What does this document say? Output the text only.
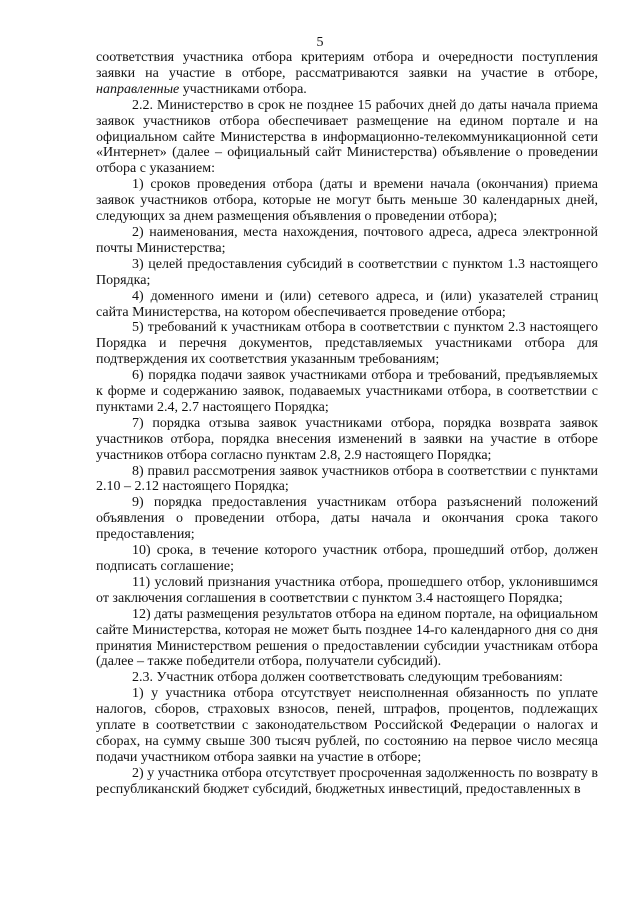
5

соответствия участника отбора критериям отбора и очередности поступления заявки на участие в отборе, рассматриваются заявки на участие в отборе, направленные участниками отбора.

2.2. Министерство в срок не позднее 15 рабочих дней до даты начала приема заявок участников отбора обеспечивает размещение на едином портале и на официальном сайте Министерства в информационно-телекоммуникационной сети «Интернет» (далее – официальный сайт Министерства) объявление о проведении отбора с указанием:

1) сроков проведения отбора (даты и времени начала (окончания) приема заявок участников отбора, которые не могут быть меньше 30 календарных дней, следующих за днем размещения объявления о проведении отбора);

2) наименования, места нахождения, почтового адреса, адреса электронной почты Министерства;

3) целей предоставления субсидий в соответствии с пунктом 1.3 настоящего Порядка;

4) доменного имени и (или) сетевого адреса, и (или) указателей страниц сайта Министерства, на котором обеспечивается проведение отбора;

5) требований к участникам отбора в соответствии с пунктом 2.3 настоящего Порядка и перечня документов, представляемых участниками отбора для подтверждения их соответствия указанным требованиям;

6) порядка подачи заявок участниками отбора и требований, предъявляемых к форме и содержанию заявок, подаваемых участниками отбора, в соответствии с пунктами 2.4, 2.7 настоящего Порядка;

7) порядка отзыва заявок участниками отбора, порядка возврата заявок участников отбора, порядка внесения изменений в заявки на участие в отборе участников отбора согласно пунктам 2.8, 2.9 настоящего Порядка;

8) правил рассмотрения заявок участников отбора в соответствии с пунктами 2.10 – 2.12 настоящего Порядка;

9) порядка предоставления участникам отбора разъяснений положений объявления о проведении отбора, даты начала и окончания срока такого предоставления;

10) срока, в течение которого участник отбора, прошедший отбор, должен подписать соглашение;

11) условий признания участника отбора, прошедшего отбор, уклонившимся от заключения соглашения в соответствии с пунктом 3.4 настоящего Порядка;

12) даты размещения результатов отбора на едином портале, на официальном сайте Министерства, которая не может быть позднее 14-го календарного дня со дня принятия Министерством решения о предоставлении субсидии участникам отбора (далее – также победители отбора, получатели субсидий).

2.3. Участник отбора должен соответствовать следующим требованиям:

1) у участника отбора отсутствует неисполненная обязанность по уплате налогов, сборов, страховых взносов, пеней, штрафов, процентов, подлежащих уплате в соответствии с законодательством Российской Федерации о налогах и сборах, на сумму свыше 300 тысяч рублей, по состоянию на первое число месяца подачи участником отбора заявки на участие в отборе;

2) у участника отбора отсутствует просроченная задолженность по возврату в республиканский бюджет субсидий, бюджетных инвестиций, предоставленных в
